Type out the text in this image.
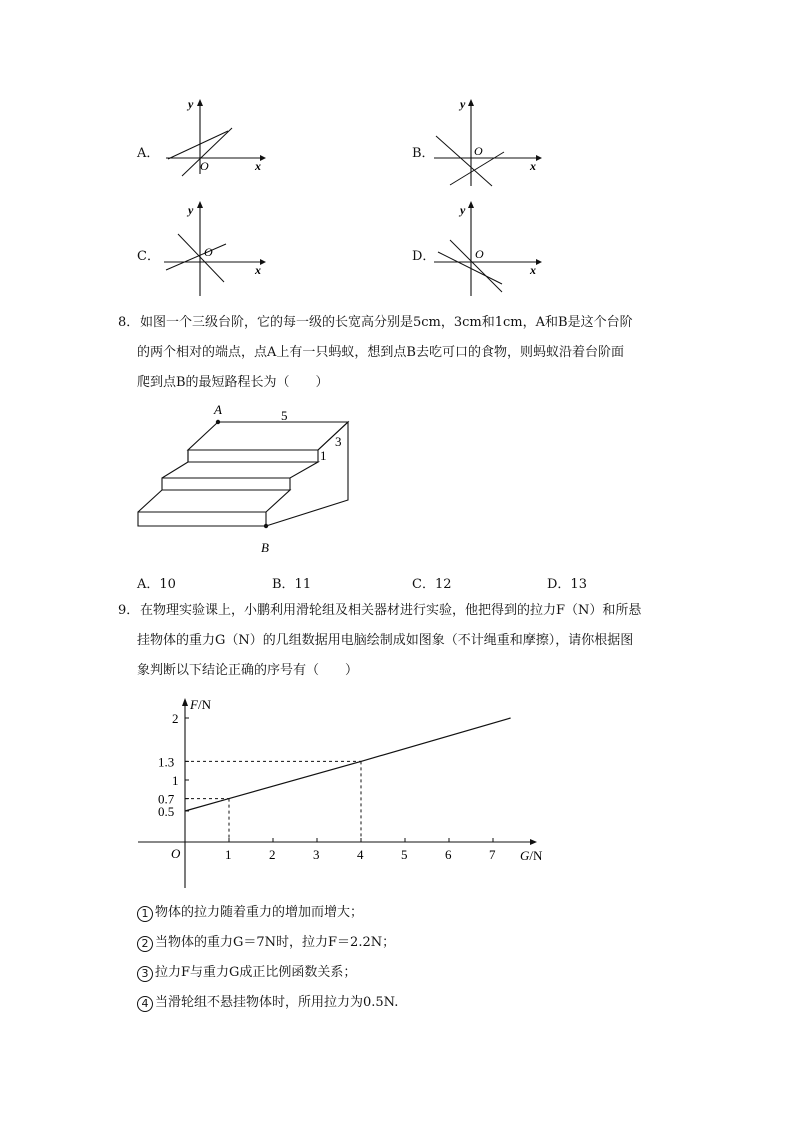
A．
y
O	x
B．
y
O
x
C．
y
O
x
D．
y
O
x
8． 如图一个三级台阶，它的每一级的长宽高分别是5cm，3cm和1cm，A和B是这个台阶
的两个相对的端点，点A上有一只蚂蚁，想到点B去吃可口的食物，则蚂蚁沿着台阶面
爬到点B的最短路程长为（　　）
A
B
5
3
1
A．10	B．11	C．12	D．13
9． 在物理实验课上，小鹏利用滑轮组及相关器材进行实验，他把得到的拉力F（N）和所悬
挂物体的重力G（N）的几组数据用电脑绘制成如图象（不计绳重和摩擦），请你根据图
象判断以下结论正确的序号有（　　）
F/N
G/N
O	1	2	3	4	5	6	7
0.5
0.7
1
1.3
2
1 物体的拉力随着重力的增加而增大；
2 当物体的重力G＝7N时，拉力F＝2.2N；
3 拉力F与重力G成正比例函数关系；
4 当滑轮组不悬挂物体时，所用拉力为0.5N.
